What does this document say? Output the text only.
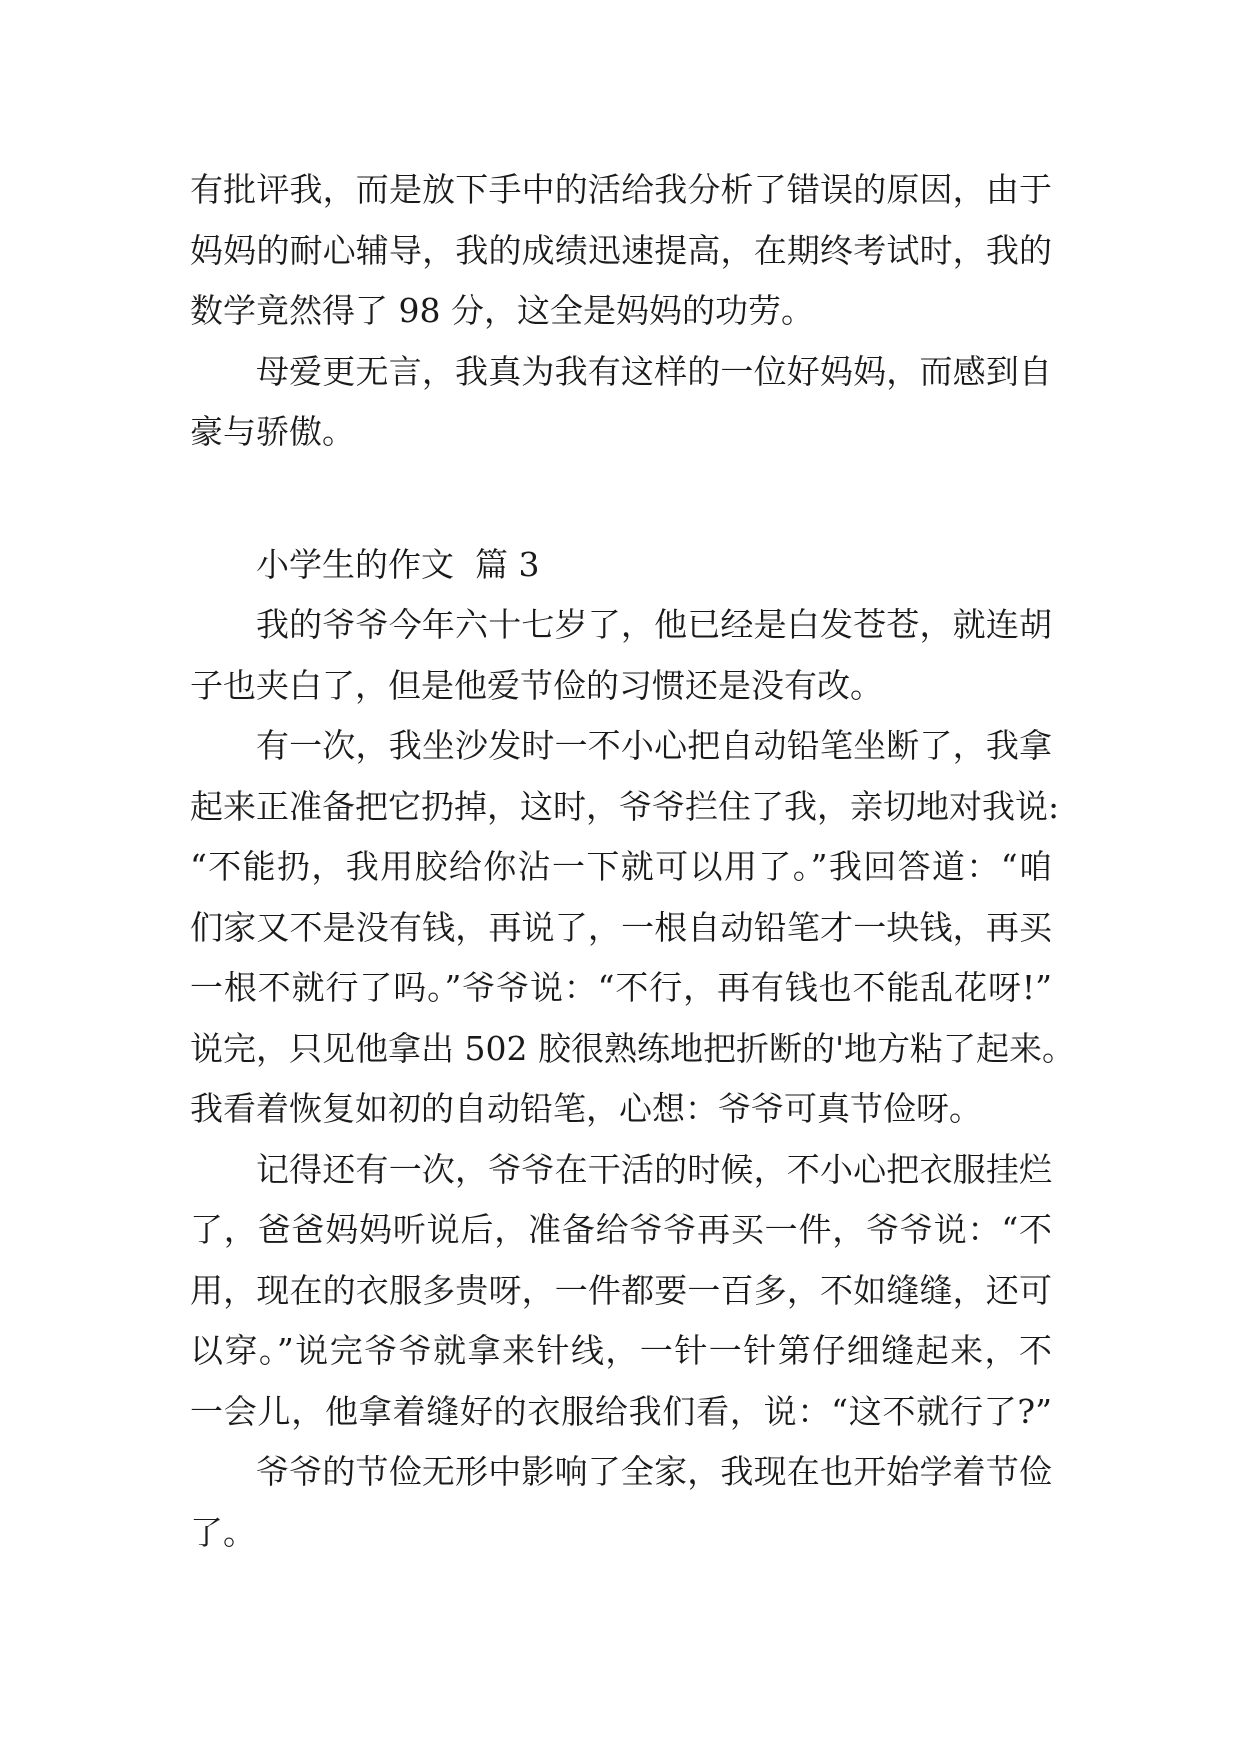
有批评我，而是放下手中的活给我分析了错误的原因，由于
妈妈的耐心辅导，我的成绩迅速提高，在期终考试时，我的
数学竟然得了 98 分，这全是妈妈的功劳。
母爱更无言，我真为我有这样的一位好妈妈，而感到自
豪与骄傲。
小学生的作文  篇 3
我的爷爷今年六十七岁了，他已经是白发苍苍，就连胡
子也夹白了，但是他爱节俭的习惯还是没有改。
有一次，我坐沙发时一不小心把自动铅笔坐断了，我拿
起来正准备把它扔掉，这时，爷爷拦住了我，亲切地对我说:
“不能扔，我用胶给你沾一下就可以用了。”我回答道：“咱
们家又不是没有钱，再说了，一根自动铅笔才一块钱，再买
一根不就行了吗。”爷爷说：“不行，再有钱也不能乱花呀!”
说完，只见他拿出 502 胶很熟练地把折断的'地方粘了起来。
我看着恢复如初的自动铅笔，心想：爷爷可真节俭呀。
记得还有一次，爷爷在干活的时候，不小心把衣服挂烂
了，爸爸妈妈听说后，准备给爷爷再买一件，爷爷说：“不
用，现在的衣服多贵呀，一件都要一百多，不如缝缝，还可
以穿。”说完爷爷就拿来针线，一针一针第仔细缝起来，不
一会儿，他拿着缝好的衣服给我们看，说：“这不就行了?”
爷爷的节俭无形中影响了全家，我现在也开始学着节俭
了。
